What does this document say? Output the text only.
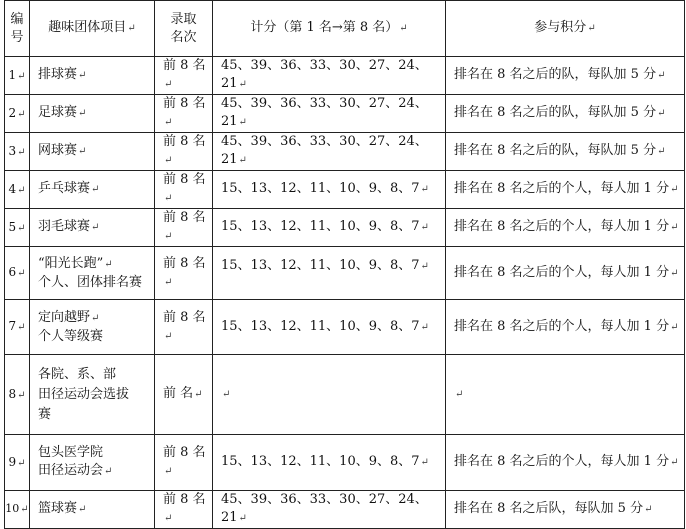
编
号	趣味团体项目↵	录取
名次	计分（第 1 名→第 8 名）↵	参与积分↵
1↵	排球赛↵	前 8 名↵	45、39、36、33、30、27、24、21↵	排名在 8 名之后的队，每队加 5 分↵
2↵	足球赛↵	前 8 名↵	45、39、36、33、30、27、24、21↵	排名在 8 名之后的队，每队加 5 分↵
3↵	网球赛↵	前 8 名↵	45、39、36、33、30、27、24、21↵	排名在 8 名之后的队，每队加 5 分↵
4↵	乒乓球赛↵	前 8 名↵	15、13、12、11、10、9、8、7↵	排名在 8 名之后的个人，每人加 1 分↵
5↵	羽毛球赛↵	前 8 名↵	15、13、12、11、10、9、8、7↵	排名在 8 名之后的个人，每人加 1 分↵
6↵	“阳光长跑”↵
个人、团体排名赛	前 8 名↵	15、13、12、11、10、9、8、7↵	排名在 8 名之后的个人，每人加 1 分↵
7↵	定向越野↵
个人等级赛	前 8 名↵	15、13、12、11、10、9、8、7↵	排名在 8 名之后的个人，每人加 1 分↵
8↵	各院、系、部
田径运动会选拔
赛	前 名↵	↵	↵
9↵	包头医学院
田径运动会↵	前 8 名↵	15、13、12、11、10、9、8、7↵	排名在 8 名之后的个人，每人加 1 分↵
10↵	篮球赛↵	前 8 名↵	45、39、36、33、30、27、24、21↵	排名在 8 名之后队，每队加 5 分↵
